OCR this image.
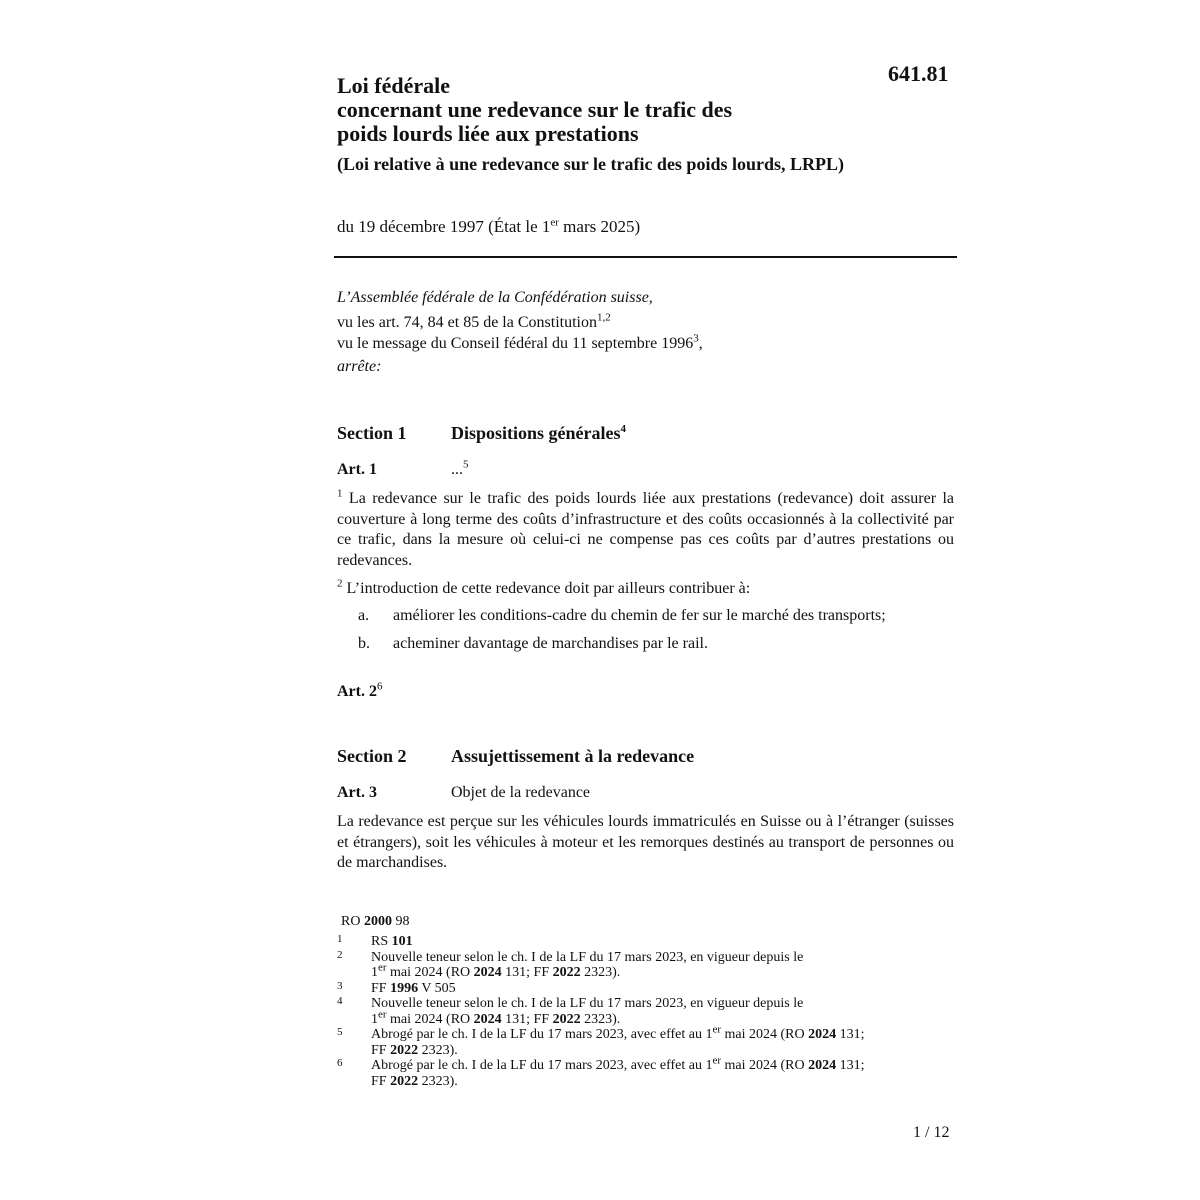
641.81
Loi fédérale
concernant une redevance sur le trafic des
poids lourds liée aux prestations
(Loi relative à une redevance sur le trafic des poids lourds, LRPL)
du 19 décembre 1997 (État le 1er mars 2025)
L’Assemblée fédérale de la Confédération suisse,
vu les art. 74, 84 et 85 de la Constitution$^{1,2}$
vu le message du Conseil fédéral du 11 septembre 1996$^3$,
arrête:
Section 1 Dispositions générales$^4$
Art. 1	...$^5$
$^1$ La redevance sur le trafic des poids lourds liée aux prestations (redevance) doit assurer la couverture à long terme des coûts d’infrastructure et des coûts occasionnés à la collectivité par ce trafic, dans la mesure où celui-ci ne compense pas ces coûts par d’autres prestations ou redevances.
$^2$ L’introduction de cette redevance doit par ailleurs contribuer à:
a. améliorer les conditions-cadre du chemin de fer sur le marché des transports;
b. acheminer davantage de marchandises par le rail.
Art. $2^6$
Section 2 Assujettissement à la redevance
Art. 3	Objet de la redevance
La redevance est perçue sur les véhicules lourds immatriculés en Suisse ou à l’étranger (suisses et étrangers), soit les véhicules à moteur et les remorques destinés au transport de personnes ou de marchandises.
RO 2000 98
1 RS 101
2 Nouvelle teneur selon le ch. I de la LF du 17 mars 2023, en vigueur depuis le
1er mai 2024 (RO 2024 131; FF 2022 2323).
3 FF 1996 V 505
4 Nouvelle teneur selon le ch. I de la LF du 17 mars 2023, en vigueur depuis le
1er mai 2024 (RO 2024 131; FF 2022 2323).
5 Abrogé par le ch. I de la LF du 17 mars 2023, avec effet au 1er mai 2024 (RO 2024 131;
FF 2022 2323).
6 Abrogé par le ch. I de la LF du 17 mars 2023, avec effet au 1er mai 2024 (RO 2024 131;
FF 2022 2323).
1 / 12
